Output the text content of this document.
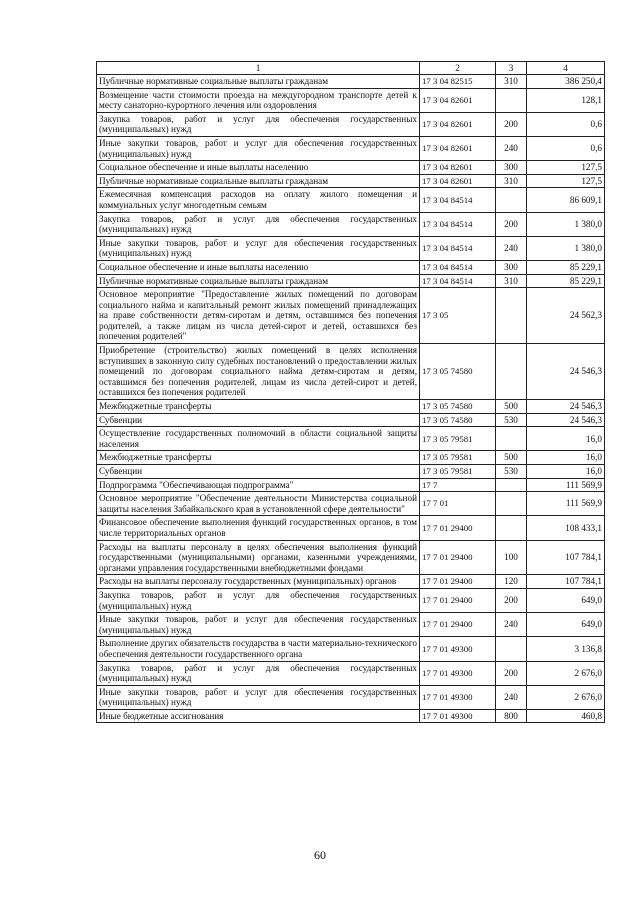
1	2	3	4
Публичные нормативные социальные выплаты гражданам	17 3 04 82515	310	386 250,4
Возмещение части стоимости проезда на междугородном транспорте детей к месту санаторно-курортного лечения или оздоровления	17 3 04 82601		128,1
Закупка товаров, работ и услуг для обеспечения государственных (муниципальных) нужд	17 3 04 82601	200	0,6
Иные закупки товаров, работ и услуг для обеспечения государственных (муниципальных) нужд	17 3 04 82601	240	0,6
Социальное обеспечение и иные выплаты населению	17 3 04 82601	300	127,5
Публичные нормативные социальные выплаты гражданам	17 3 04 82601	310	127,5
Ежемесячная компенсация расходов на оплату жилого помещения и коммунальных услуг многодетным семьям	17 3 04 84514		86 609,1
Закупка товаров, работ и услуг для обеспечения государственных (муниципальных) нужд	17 3 04 84514	200	1 380,0
Иные закупки товаров, работ и услуг для обеспечения государственных (муниципальных) нужд	17 3 04 84514	240	1 380,0
Социальное обеспечение и иные выплаты населению	17 3 04 84514	300	85 229,1
Публичные нормативные социальные выплаты гражданам	17 3 04 84514	310	85 229,1
Основное мероприятие "Предоставление жилых помещений по договорам социального найма и капитальный ремонт жилых помещений принадлежащих на праве собственности детям-сиротам и детям, оставшимся без попечения родителей, а также лицам из числа детей-сирот и детей, оставшихся без попечения родителей"	17 3 05		24 562,3
Приобретение (строительство) жилых помещений в целях исполнения вступивших в законную силу судебных постановлений о предоставлении жилых помещений по договорам социального найма детям-сиротам и детям, оставшимся без попечения родителей, лицам из числа детей-сирот и детей, оставшихся без попечения родителей	17 3 05 74580		24 546,3
Межбюджетные трансферты	17 3 05 74580	500	24 546,3
Субвенции	17 3 05 74580	530	24 546,3
Осуществление государственных полномочий в области социальной защиты населения	17 3 05 79581		16,0
Межбюджетные трансферты	17 3 05 79581	500	16,0
Субвенции	17 3 05 79581	530	16,0
Подпрограмма "Обеспечивающая подпрограмма"	17 7		111 569,9
Основное мероприятие "Обеспечение деятельности Министерства социальной защиты населения Забайкальского края в установленной сфере деятельности"	17 7 01		111 569,9
Финансовое обеспечение выполнения функций государственных органов, в том числе территориальных органов	17 7 01 29400		108 433,1
Расходы на выплаты персоналу в целях обеспечения выполнения функций государственными (муниципальными) органами, казенными учреждениями, органами управления государственными внебюджетными фондами	17 7 01 29400	100	107 784,1
Расходы на выплаты персоналу государственных (муниципальных) органов	17 7 01 29400	120	107 784,1
Закупка товаров, работ и услуг для обеспечения государственных (муниципальных) нужд	17 7 01 29400	200	649,0
Иные закупки товаров, работ и услуг для обеспечения государственных (муниципальных) нужд	17 7 01 29400	240	649,0
Выполнение других обязательств государства в части материально-технического обеспечения деятельности государственного органа	17 7 01 49300		3 136,8
Закупка товаров, работ и услуг для обеспечения государственных (муниципальных) нужд	17 7 01 49300	200	2 676,0
Иные закупки товаров, работ и услуг для обеспечения государственных (муниципальных) нужд	17 7 01 49300	240	2 676,0
Иные бюджетные ассигнования	17 7 01 49300	800	460,8
60
